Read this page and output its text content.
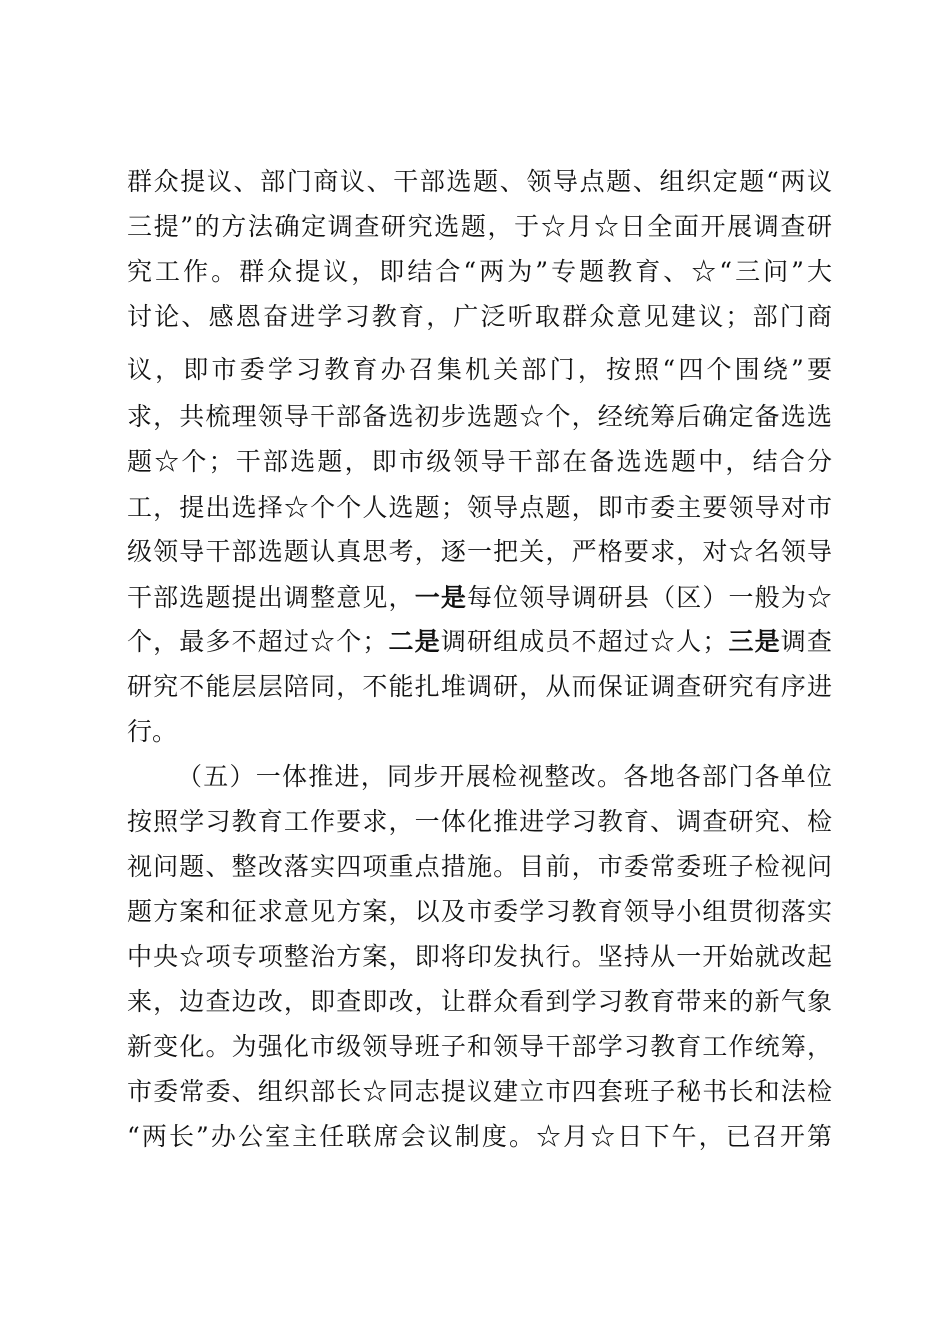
群众提议、部门商议、干部选题、领导点题、组织定题“两议

三提”的方法确定调查研究选题，于☆月☆日全面开展调查研

究工作。群众提议，即结合“两为”专题教育、☆“三问”大

讨论、感恩奋进学习教育，广泛听取群众意见建议；部门商

议，即市委学习教育办召集机关部门，按照“四个围绕”要

求，共梳理领导干部备选初步选题☆个，经统筹后确定备选选

题☆个；干部选题，即市级领导干部在备选选题中，结合分

工，提出选择☆个个人选题；领导点题，即市委主要领导对市

级领导干部选题认真思考，逐一把关，严格要求，对☆名领导

干部选题提出调整意见，一是每位领导调研县（区）一般为☆

个，最多不超过☆个；二是调研组成员不超过☆人；三是调查

研究不能层层陪同，不能扎堆调研，从而保证调查研究有序进

行。

（五）一体推进，同步开展检视整改。各地各部门各单位

按照学习教育工作要求，一体化推进学习教育、调查研究、检

视问题、整改落实四项重点措施。目前，市委常委班子检视问

题方案和征求意见方案，以及市委学习教育领导小组贯彻落实

中央☆项专项整治方案，即将印发执行。坚持从一开始就改起

来，边查边改，即查即改，让群众看到学习教育带来的新气象

新变化。为强化市级领导班子和领导干部学习教育工作统筹，

市委常委、组织部长☆同志提议建立市四套班子秘书长和法检

“两长”办公室主任联席会议制度。☆月☆日下午，已召开第
